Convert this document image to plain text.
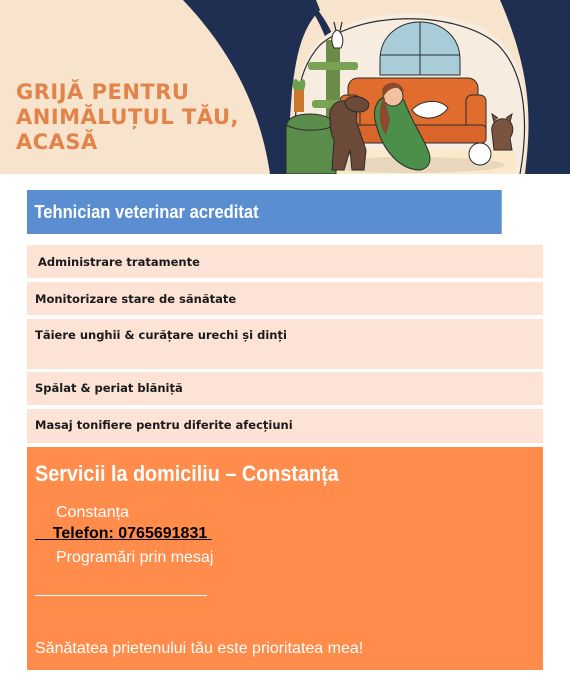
GRIJĂ PENTRU
ANIMĂLUȚUL TĂU,
ACASĂ
Tehnician veterinar acreditat
Administrare tratamente
Monitorizare stare de sănătate
Tăiere unghii & curățare urechi și dinți
Spălat & periat blăniță
Masaj tonifiere pentru diferite afecțiuni
Servicii la domiciliu – Constanța
Constanța
Telefon: 0765691831
Programări prin mesaj
Sănătatea prietenului tău este prioritatea mea!
